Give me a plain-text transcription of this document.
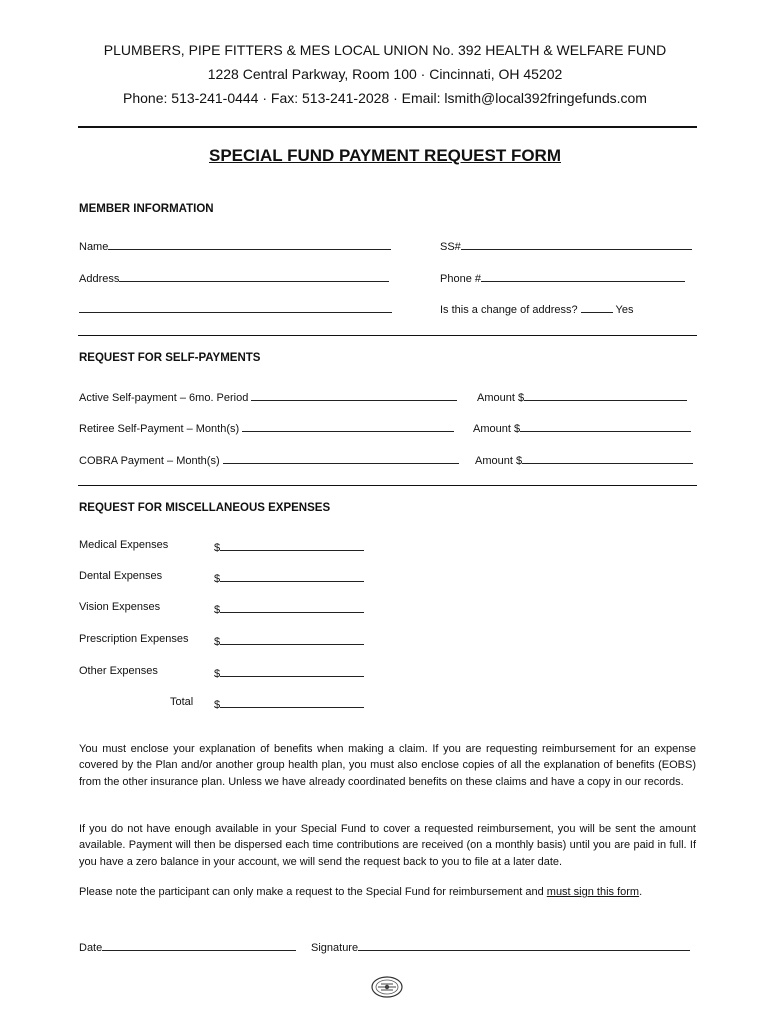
PLUMBERS, PIPE FITTERS & MES LOCAL UNION No. 392 HEALTH & WELFARE FUND
1228 Central Parkway, Room 100 · Cincinnati, OH 45202
Phone: 513-241-0444 · Fax: 513-241-2028 · Email: lsmith@local392fringefunds.com
SPECIAL FUND PAYMENT REQUEST FORM
MEMBER INFORMATION
Name	SS#
Address	Phone #
Is this a change of address?	Yes
REQUEST FOR SELF-PAYMENTS
Active Self-payment – 6mo. Period	Amount $
Retiree Self-Payment – Month(s)	Amount $
COBRA Payment – Month(s)	Amount $
REQUEST FOR MISCELLANEOUS EXPENSES
Medical Expenses	$
Dental Expenses	$
Vision Expenses	$
Prescription Expenses $
Other Expenses	$
Total $
You must enclose your explanation of benefits when making a claim. If you are requesting reimbursement for an expense covered by the Plan and/or another group health plan, you must also enclose copies of all the explanation of benefits (EOBS) from the other insurance plan. Unless we have already coordinated benefits on these claims and have a copy in our records.
If you do not have enough available in your Special Fund to cover a requested reimbursement, you will be sent the amount available. Payment will then be dispersed each time contributions are received (on a monthly basis) until you are paid in full. If you have a zero balance in your account, we will send the request back to you to file at a later date.
Please note the participant can only make a request to the Special Fund for reimbursement and must sign this form.
Date	Signature
